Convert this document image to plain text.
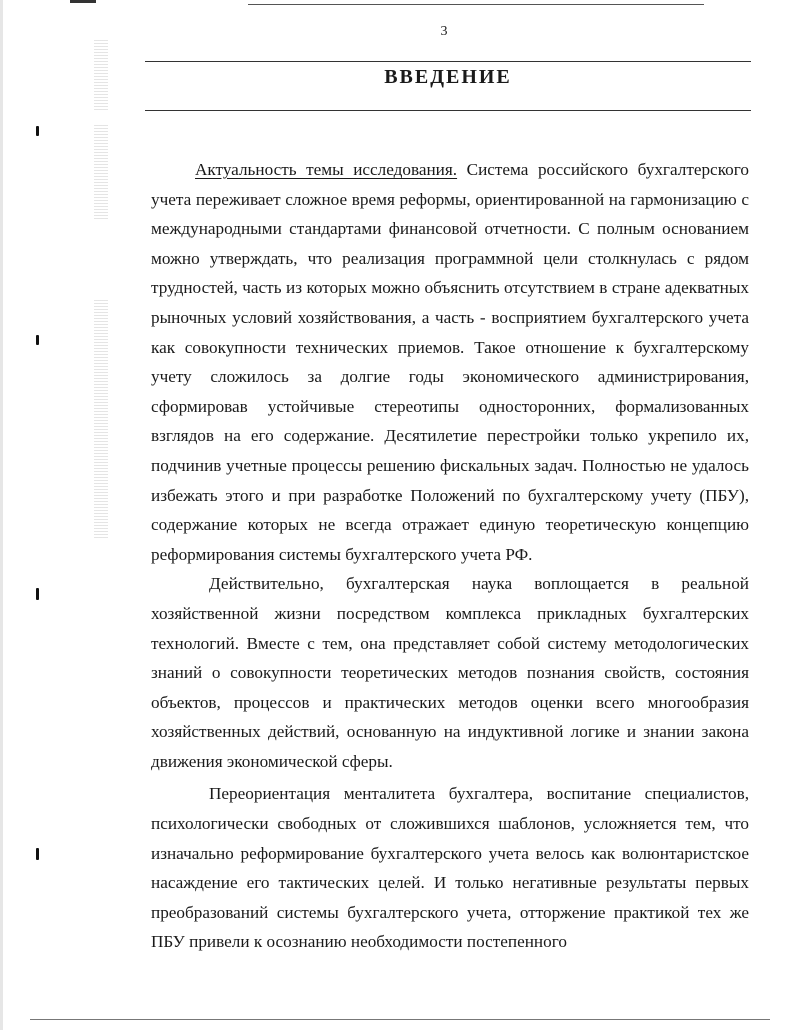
3
ВВЕДЕНИЕ

Актуальность темы исследования. Система российского бухгалтерского учета переживает сложное время реформы, ориентированной на гармонизацию с международными стандартами финансовой отчетности. С полным основанием можно утверждать, что реализация программной цели столкнулась с рядом трудностей, часть из которых можно объяснить отсутствием в стране адекватных рыночных условий хозяйствования, а часть - восприятием бухгалтерского учета как совокупности технических приемов. Такое отношение к бухгалтерскому учету сложилось за долгие годы экономического администрирования, сформировав устойчивые стереотипы односторонних, формализованных взглядов на его содержание. Десятилетие перестройки только укрепило их, подчинив учетные процессы решению фискальных задач. Полностью не удалось избежать этого и при разработке Положений по бухгалтерскому учету (ПБУ), содержание которых не всегда отражает единую теоретическую концепцию реформирования системы бухгалтерского учета РФ.

Действительно, бухгалтерская наука воплощается в реальной хозяйственной жизни посредством комплекса прикладных бухгалтерских технологий. Вместе с тем, она представляет собой систему методологических знаний о совокупности теоретических методов познания свойств, состояния объектов, процессов и практических методов оценки всего многообразия хозяйственных действий, основанную на индуктивной логике и знании закона движения экономической сферы.

Переориентация менталитета бухгалтера, воспитание специалистов, психологически свободных от сложившихся шаблонов, усложняется тем, что изначально реформирование бухгалтерского учета велось как волюнтаристское насаждение его тактических целей. И только негативные результаты первых преобразований системы бухгалтерского учета, отторжение практикой тех же ПБУ привели к осознанию необходимости постепенного
